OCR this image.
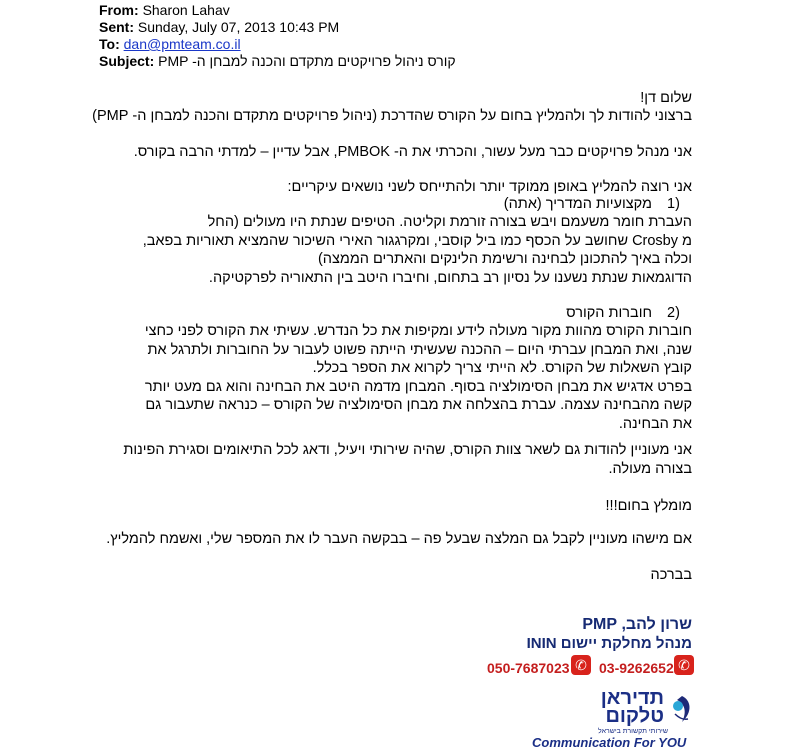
From: Sharon Lahav
Sent: Sunday, July 07, 2013 10:43 PM
To: dan@pmteam.co.il
Subject: PMP -קורס ניהול פרויקטים מתקדם והכנה למבחן ה
שלום דן!
ברצוני להודות לך ולהמליץ בחום על הקורס שהדרכת (ניהול פרויקטים מתקדם והכנה למבחן ה- PMP)
אני מנהל פרויקטים כבר מעל עשור, והכרתי את ה- PMBOK, אבל עדיין – למדתי הרבה בקורס.
אני רוצה להמליץ באופן ממוקד יותר ולהתייחס לשני נושאים עיקריים:
1)
מקצועיות המדריך (אתה)

העברת חומר משעמם ויבש בצורה זורמת וקליטה. הטיפים שנתת היו מעולים (החל

מ Crosby שחושב על הכסף כמו ביל קוסבי, ומקרגגור האירי השיכור שהמציא תאוריות בפאב,

וכלה באיך להתכונן לבחינה ורשימת הלינקים והאתרים הממצה)

הדוגמאות שנתת נשענו על נסיון רב בתחום, וחיברו היטב בין התאוריה לפרקטיקה.

2)
חוברות הקורס

חוברות הקורס מהוות מקור מעולה לידע ומקיפות את כל הנדרש. עשיתי את הקורס לפני כחצי

שנה, ואת המבחן עברתי היום – ההכנה שעשיתי הייתה פשוט לעבור על החוברות ולתרגל את

קובץ השאלות של הקורס. לא הייתי צריך לקרוא את הספר בכלל.

בפרט אדגיש את מבחן הסימולציה בסוף. המבחן מדמה היטב את הבחינה והוא גם מעט יותר

קשה מהבחינה עצמה. עברת בהצלחה את מבחן הסימולציה של הקורס – כנראה שתעבור גם

את הבחינה.

אני מעוניין להודות גם לשאר צוות הקורס, שהיה שירותי ויעיל, ודאג לכל התיאומים וסגירת הפינות

בצורה מעולה.

מומלץ בחום!!!
אם מישהו מעוניין לקבל גם המלצה שבעל פה – בבקשה העבר לו את המספר שלי, ואשמח להמליץ.
בברכה
שרון להב, PMP
מנהל מחלקת יישום ININ
✆
03-9262652
✆
050-7687023
תדיראן
טלקום
שירותי תקשורת בישראל
Communication For YOU
